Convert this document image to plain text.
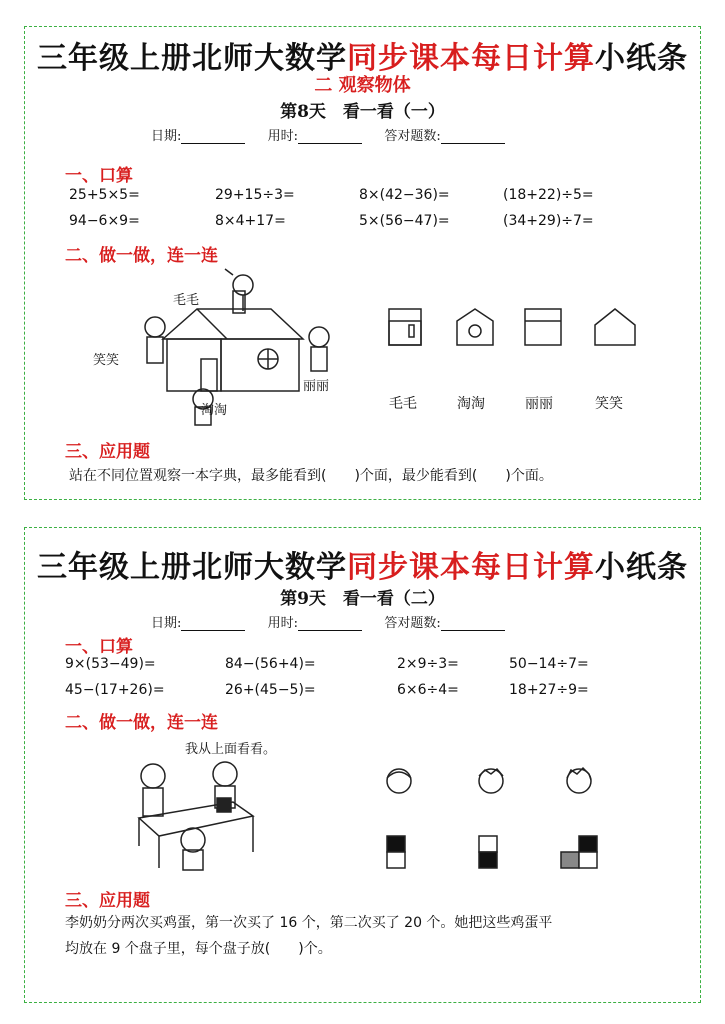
三年级上册北师大数学同步课本每日计算小纸条
二 观察物体
第8天　看一看（一）
日期:	用时:	答对题数:
一、口算
25+5×5=	29+15÷3=	8×(42−36)=	(18+22)÷5=
94−6×9=	8×4+17=	5×(56−47)=	(34+29)÷7=
二、做一做，连一连
毛毛
笑笑
丽丽
淘淘	毛毛	淘淘	丽丽	笑笑
三、应用题
站在不同位置观察一本字典，最多能看到(　　)个面，最少能看到(　　)个面。
三年级上册北师大数学同步课本每日计算小纸条
第9天　看一看（二）
日期:	用时:	答对题数:
一、口算
9×(53−49)=	84−(56+4)=	2×9÷3=	50−14÷7=
45−(17+26)=	26+(45−5)=	6×6÷4=	18+27÷9=
二、做一做，连一连
我从上面看看。
三、应用题
李奶奶分两次买鸡蛋，第一次买了 16 个，第二次买了 20 个。她把这些鸡蛋平
均放在 9 个盘子里，每个盘子放(　　)个。
